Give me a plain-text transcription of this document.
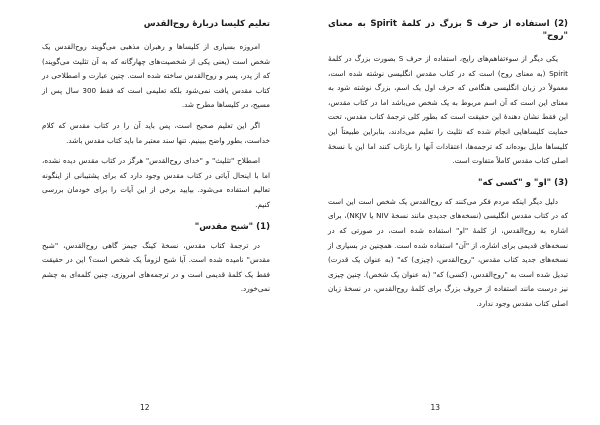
تعلیم کلیسا دربارهٔ روح‌القدس

امروزه بسیاری از کلیساها و رهبران مذهبی می‌گویند روح‌القدس یک شخص است (یعنی یکی از شخصیت‌های چهارگانه که به آن تثلیث می‌گویند) که از پدر، پسر و روح‌القدس ساخته شده است. چنین عبارت و اصطلاحی در کتاب مقدس یافت نمی‌شود بلکه تعلیمی است که فقط 300 سال پس از مسیح، در کلیساها مطرح شد.

اگر این تعلیم صحیح است، پس باید آن را در کتاب مقدس که کلام خداست، بطور واضح ببینیم. تنها سند معتبر ما باید کتاب مقدس باشد.

اصطلاح "تثلیث" و "خدای روح‌القدس" هرگز در کتاب مقدس دیده نشده، اما با اینحال آیاتی در کتاب مقدس وجود دارد که برای پشتیبانی از اینگونه تعالیم استفاده می‌شود. بیایید برخی از این آیات را برای خودمان بررسی کنیم.

(1) "شبح مقدس"

در ترجمهٔ کتاب مقدس، نسخهٔ کینگ جیمز گاهی روح‌القدس، "شبح مقدس" نامیده شده است. آیا شبح لزوماً یک شخص است؟ این در حقیقت فقط یک کلمهٔ قدیمی است و در ترجمه‌های امروزی، چنین کلمه‌ای به چشم نمی‌خورد.

12
(2) استفاده از حرف S بزرگ در کلمهٔ Spirit به معنای "روح"

یکی دیگر از سوءتفاهم‌های رایج، استفاده از حرف S بصورت بزرگ در کلمهٔ Spirit (به معنای روح) است که در کتاب مقدس انگلیسی نوشته شده است، معمولاً در زبان انگلیسی هنگامی که حرف اول یک اسم، بزرگ نوشته شود به معنای این است که آن اسم مربوط به یک شخص می‌باشد اما در کتاب مقدس، این فقط نشان دهندهٔ این حقیقت است که بطور کلی ترجمهٔ کتاب مقدس، تحت حمایت کلیساهایی انجام شده که تثلیث را تعلیم می‌دادند، بنابراین طبیعتاً این کلیساها مایل بوده‌اند که ترجمه‌ها، اعتقادات آنها را بازتاب کنند اما این با نسخهٔ اصلی کتاب مقدس کاملاً متفاوت است.

(3) "او" و "کسی که"

دلیل دیگر اینکه مردم فکر می‌کنند که روح‌القدس یک شخص است این است که در کتاب مقدس انگلیسی (نسخه‌های جدیدی مانند نسخهٔ NIV یا NKJV)، برای اشاره به روح‌القدس، از کلمهٔ "او" استفاده شده است، در صورتی که در نسخه‌های قدیمی برای اشاره، از "آن" استفاده شده است. همچنین در بسیاری از نسخه‌های جدید کتاب مقدس، "روح‌القدس، (چیزی) که" (به عنوان یک قدرت) تبدیل شده است به "روح‌القدس، (کسی) که" (به عنوان یک شخص). چنین چیزی نیز درست مانند استفاده از حروف بزرگ برای کلمهٔ روح‌القدس، در نسخهٔ زبان اصلی کتاب مقدس وجود ندارد.

13
